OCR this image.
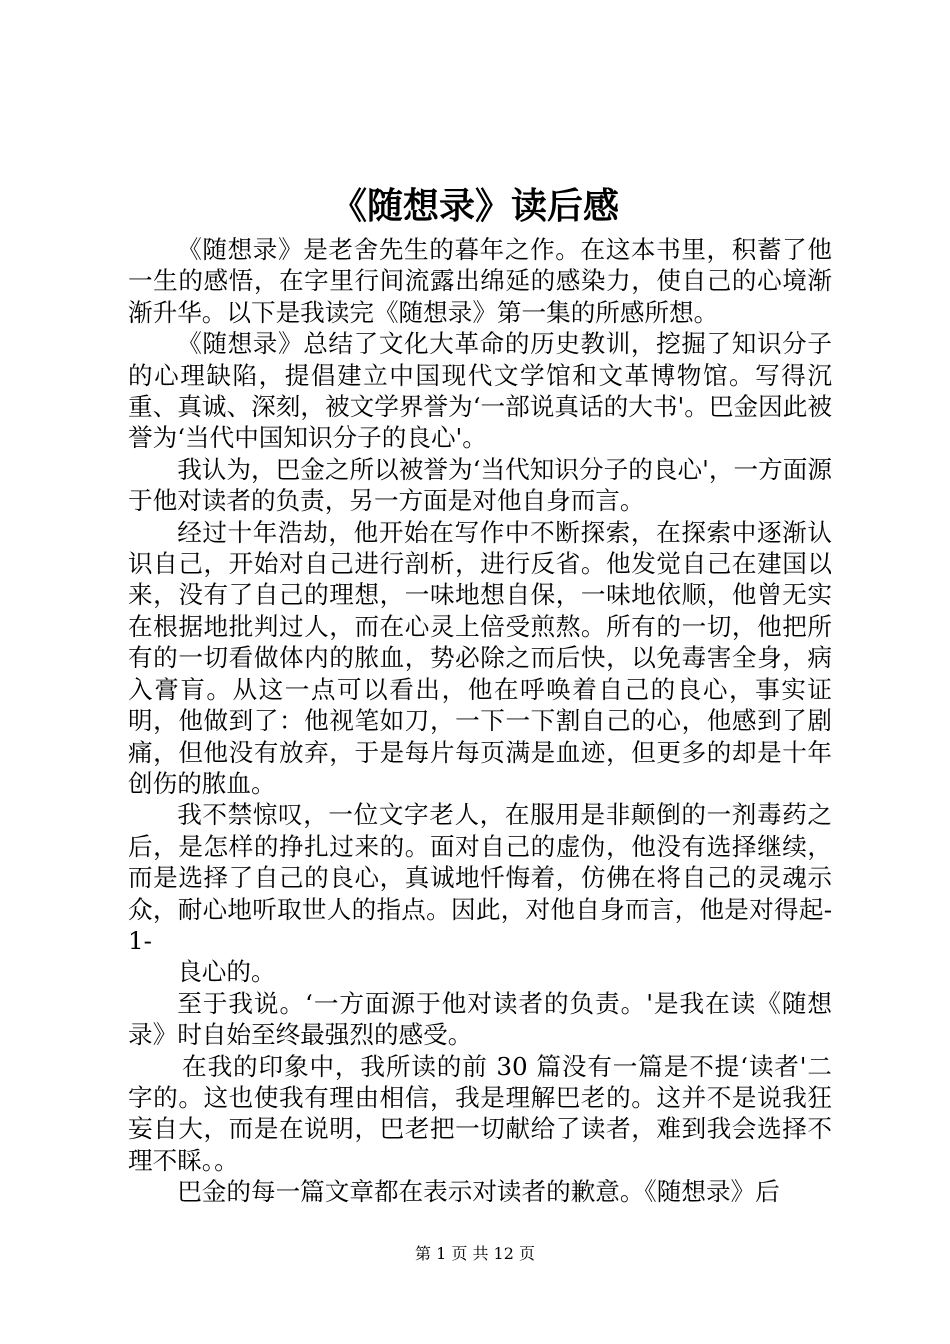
《随想录》读后感

《随想录》是老舍先生的暮年之作。在这本书里，积蓄了他一生的感悟，在字里行间流露出绵延的感染力，使自己的心境渐渐升华。以下是我读完《随想录》第一集的所感所想。

《随想录》总结了文化大革命的历史教训，挖掘了知识分子的心理缺陷，提倡建立中国现代文学馆和文革博物馆。写得沉重、真诚、深刻，被文学界誉为‘一部说真话的大书'。巴金因此被誉为‘当代中国知识分子的良心'。

我认为，巴金之所以被誉为‘当代知识分子的良心'，一方面源于他对读者的负责，另一方面是对他自身而言。

经过十年浩劫，他开始在写作中不断探索，在探索中逐渐认识自己，开始对自己进行剖析，进行反省。他发觉自己在建国以来，没有了自己的理想，一味地想自保，一味地依顺，他曾无实在根据地批判过人，而在心灵上倍受煎熬。所有的一切，他把所有的一切看做体内的脓血，势必除之而后快，以免毒害全身，病入膏肓。从这一点可以看出，他在呼唤着自己的良心，事实证明，他做到了：他视笔如刀，一下一下割自己的心，他感到了剧痛，但他没有放弃，于是每片每页满是血迹，但更多的却是十年创伤的脓血。

我不禁惊叹，一位文字老人，在服用是非颠倒的一剂毒药之后，是怎样的挣扎过来的。面对自己的虚伪，他没有选择继续，而是选择了自己的良心，真诚地忏悔着，仿佛在将自己的灵魂示众，耐心地听取世人的指点。因此，对他自身而言，他是对得起-1-

良心的。

至于我说。‘一方面源于他对读者的负责。'是我在读《随想录》时自始至终最强烈的感受。

在我的印象中，我所读的前 30 篇没有一篇是不提‘读者'二字的。这也使我有理由相信，我是理解巴老的。这并不是说我狂妄自大，而是在说明，巴老把一切献给了读者，难到我会选择不理不睬。。

巴金的每一篇文章都在表示对读者的歉意。《随想录》后

第 1 页 共 12 页
